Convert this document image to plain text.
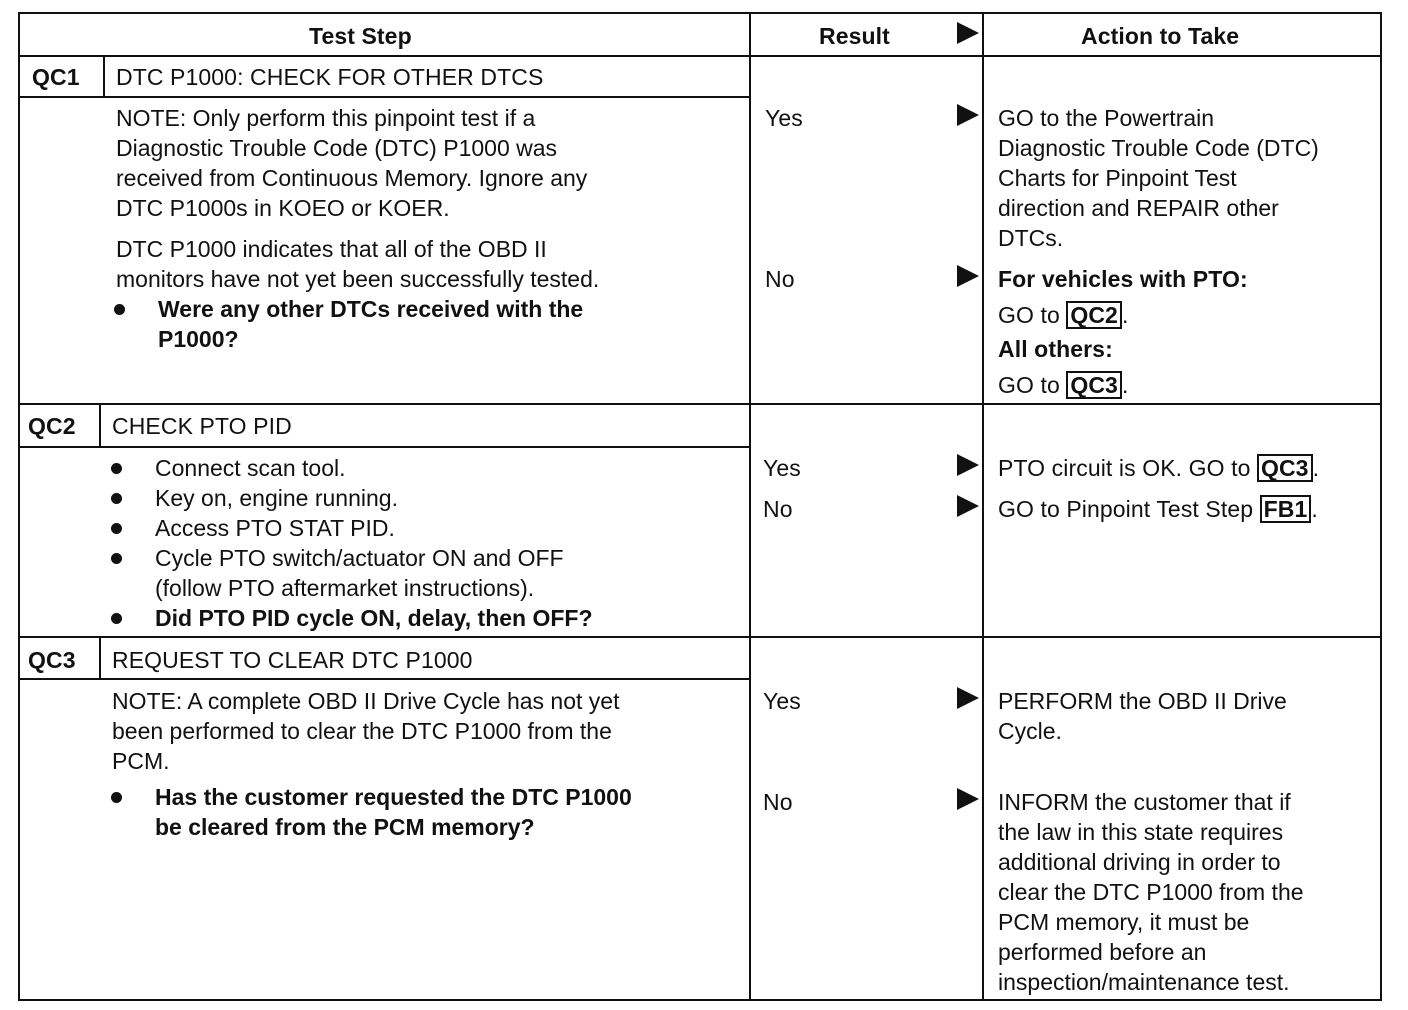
Test Step	Result	Action to Take
QC1 DTC P1000: CHECK FOR OTHER DTCS
NOTE: Only perform this pinpoint test if a
Diagnostic Trouble Code (DTC) P1000 was
received from Continuous Memory. Ignore any
DTC P1000s in KOEO or KOER.
DTC P1000 indicates that all of the OBD II
monitors have not yet been successfully tested.
Were any other DTCs received with the
P1000?
Yes
No
GO to the Powertrain
Diagnostic Trouble Code (DTC)
Charts for Pinpoint Test
direction and REPAIR other
DTCs.
For vehicles with PTO:
GO to QC2 .
All others:
GO to QC3 .
QC2 CHECK PTO PID
Connect scan tool.
Key on, engine running.
Access PTO STAT PID.
Cycle PTO switch/actuator ON and OFF
(follow PTO aftermarket instructions).
Did PTO PID cycle ON, delay, then OFF?
Yes
No
PTO circuit is OK. GO to QC3 .
GO to Pinpoint Test Step FB1 .
QC3 REQUEST TO CLEAR DTC P1000
NOTE: A complete OBD II Drive Cycle has not yet
been performed to clear the DTC P1000 from the
PCM.
Has the customer requested the DTC P1000
be cleared from the PCM memory?
Yes
No
PERFORM the OBD II Drive
Cycle.
INFORM the customer that if
the law in this state requires
additional driving in order to
clear the DTC P1000 from the
PCM memory, it must be
performed before an
inspection/maintenance test.
